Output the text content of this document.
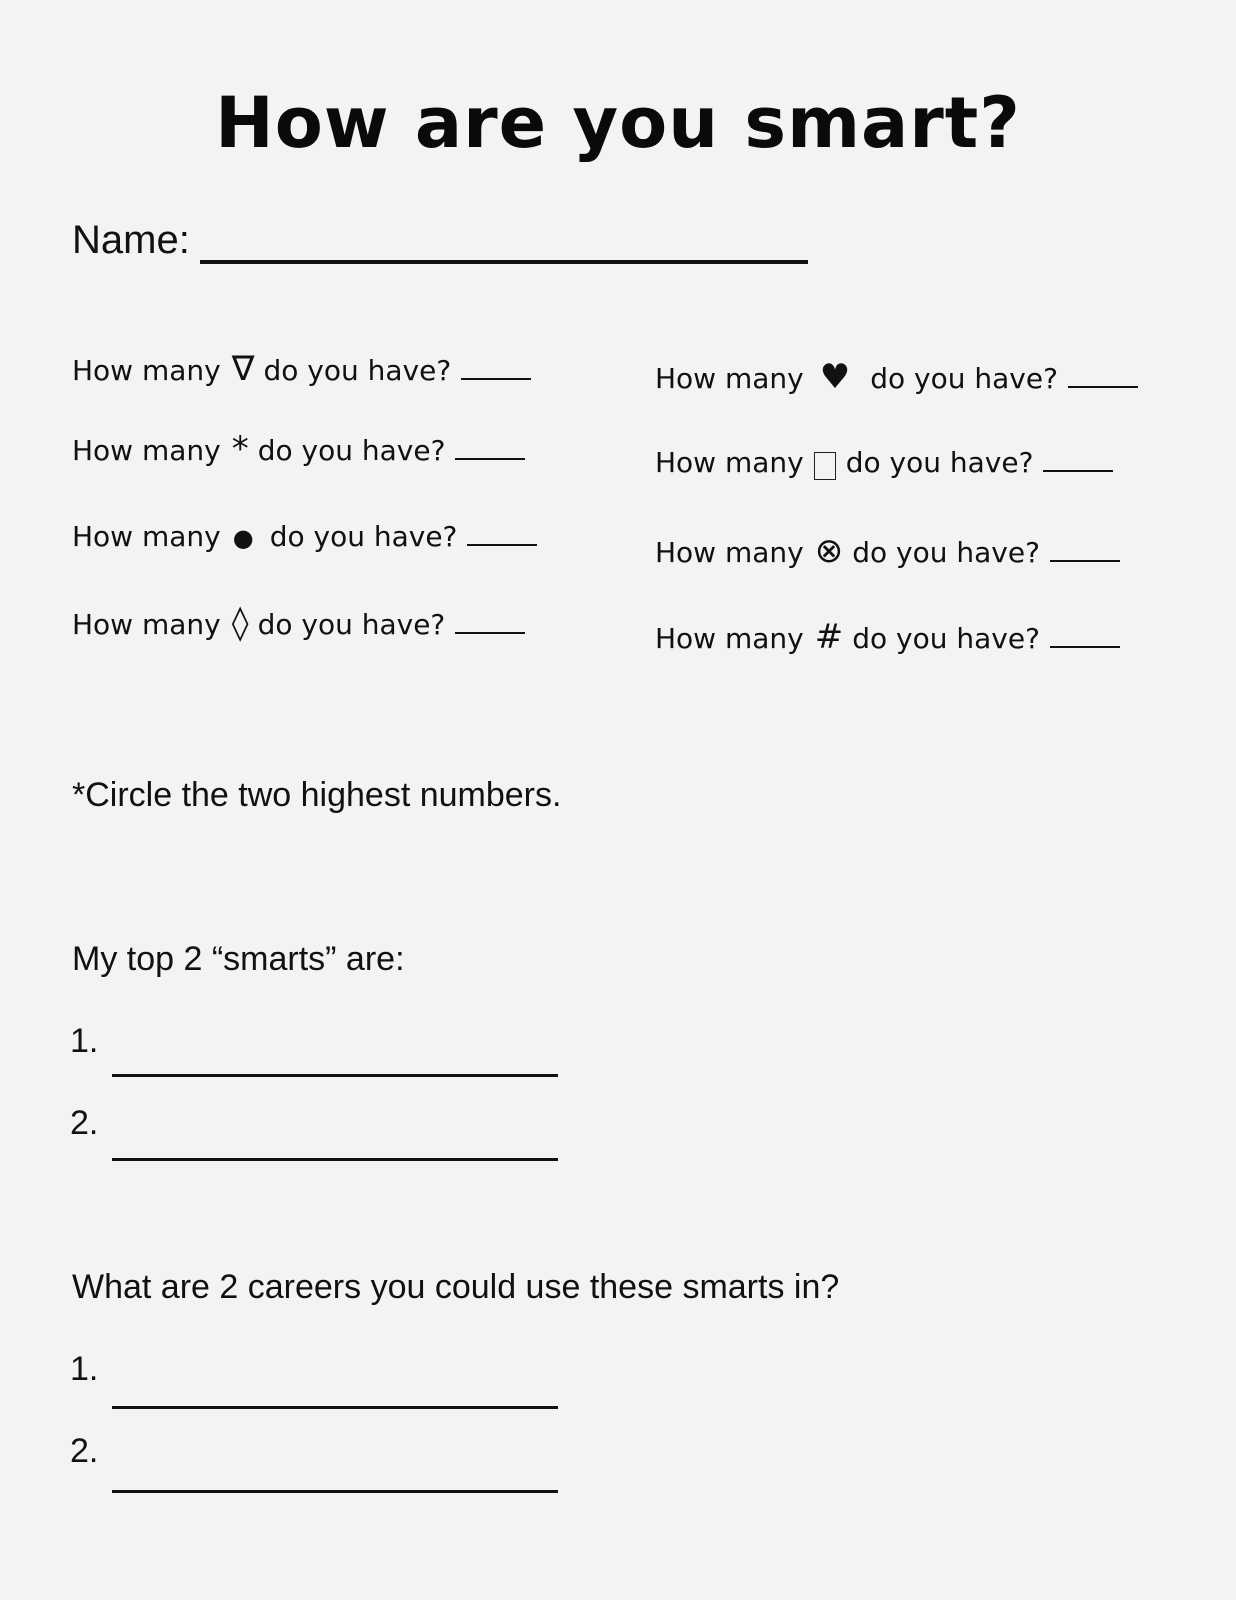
How are you smart?
Name:
How many ∇ do you have?
How many * do you have?
How many ● do you have?
How many ◊ do you have?
How many ♥ do you have?
How many do you have?
How many ⊗ do you have?
How many # do you have?
*Circle the two highest numbers.
My top 2 “smarts” are:
1.
2.
What are 2 careers you could use these smarts in?
1.
2.
